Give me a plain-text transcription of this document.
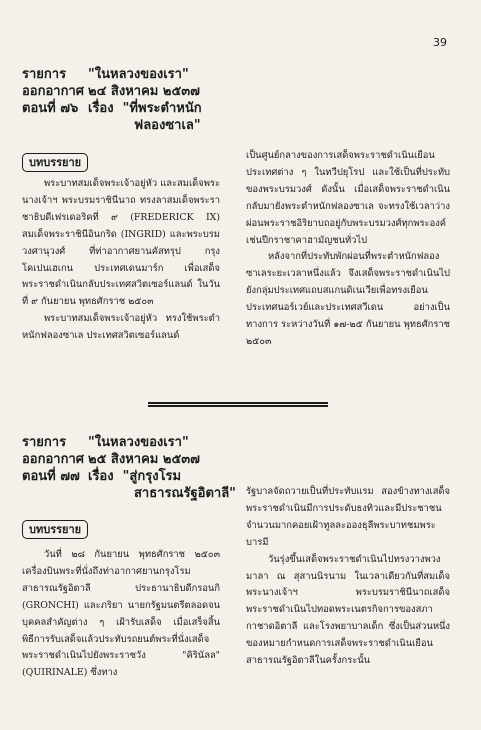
39
รายการ	"ในหลวงของเรา"
ออกอากาศ ๒๔ สิงหาคม ๒๕๓๗
ตอนที่ ๗๖ เรื่อง "ที่พระตำหนัก
ฟลองซาเล"
บทบรรยาย

พระบาทสมเด็จพระเจ้าอยู่หัว และสมเด็จพระนางเจ้าฯ พระบรมราชินีนาถ ทรงลาสมเด็จพระราชาธิบดีเฟรเดอริคที่ ๙ (FREDERICK IX) สมเด็จพระราชินีอินกริด (INGRID) และพระบรมวงศานุวงศ์ ที่ท่าอากาศยานคัสทรุป กรุงโคเปนเฮเกน ประเทศเดนมาร์ก เพื่อเสด็จพระราชดำเนินกลับประเทศสวิตเซอร์แลนด์ ในวันที่ ๙ กันยายน พุทธศักราช ๒๕๐๓

พระบาทสมเด็จพระเจ้าอยู่หัว ทรงใช้พระตำหนักฟลองซาเล ประเทศสวิตเซอร์แลนด์

เป็นศูนย์กลางของการเสด็จพระราชดำเนินเยือนประเทศต่าง ๆ ในทวีปยุโรป และใช้เป็นที่ประทับของพระบรมวงศ์ ดังนั้น เมื่อเสด็จพระราชดำเนินกลับมายังพระตำหนักฟลองซาเล จะทรงใช้เวลาว่างผ่อนพระราชอิริยาบถอยู่กับพระบรมวงศ์ทุกพระองค์เช่นปีกราชาคาฮามัญชนทั่วไป

หลังจากที่ประทับพักผ่อนที่พระตำหนักฟลองซาเลระยะเวลาหนึ่งแล้ว จึงเสด็จพระราชดำเนินไปยังกลุ่มประเทศแถบสแกนดิเนเวียเพื่อทรงเยือนประเทศนอร์เวย์และประเทศสวีเดน อย่างเป็นทางการ ระหว่างวันที่ ๑๗-๒๕ กันยายน พุทธศักราช ๒๕๐๓

รายการ	"ในหลวงของเรา"
ออกอากาศ ๒๕ สิงหาคม ๒๕๓๗
ตอนที่ ๗๗ เรื่อง "สู่กรุงโรม
สาธารณรัฐอิตาลี"
บทบรรยาย

วันที่ ๒๘ กันยายน พุทธศักราช ๒๕๐๓ เครื่องบินพระที่นั่งถึงท่าอากาศยานกรุงโรม สาธารณรัฐอิตาลี ประธานาธิบดีกรอนกิ (GRONCHI) และภริยา นายกรัฐมนตรีตลอดจนบุคคลสำคัญต่าง ๆ เฝ้ารับเสด็จ เมื่อเสร็จสิ้นพิธีการรับเสด็จแล้วประทับรถยนต์พระที่นั่งเสด็จพระราชดำเนินไปยังพระราชวัง "คิรินัลล" (QUIRINALE) ซึ่งทาง

รัฐบาลจัดถวายเป็นที่ประทับแรม สองข้างทางเสด็จพระราชดำเนินมีการประดับธงทิวและมีประชาชนจำนวนมากคอยเฝ้าทูลละอองธุลีพระบาทชมพระบารมี

วันรุ่งขึ้นเสด็จพระราชดำเนินไปทรงวางพวงมาลา ณ สุสานนิรนาม ในเวลาเดียวกันที่สมเด็จพระนางเจ้าฯ พระบรมราชินีนาถเสด็จพระราชดำเนินไปทอดพระเนตรกิจการของสภากาชาดอิตาลี และโรงพยาบาลเด็ก ซึ่งเป็นส่วนหนึ่งของหมายกำหนดการเสด็จพระราชดำเนินเยือนสาธารณรัฐอิตาลีในครั้งกระนั้น
